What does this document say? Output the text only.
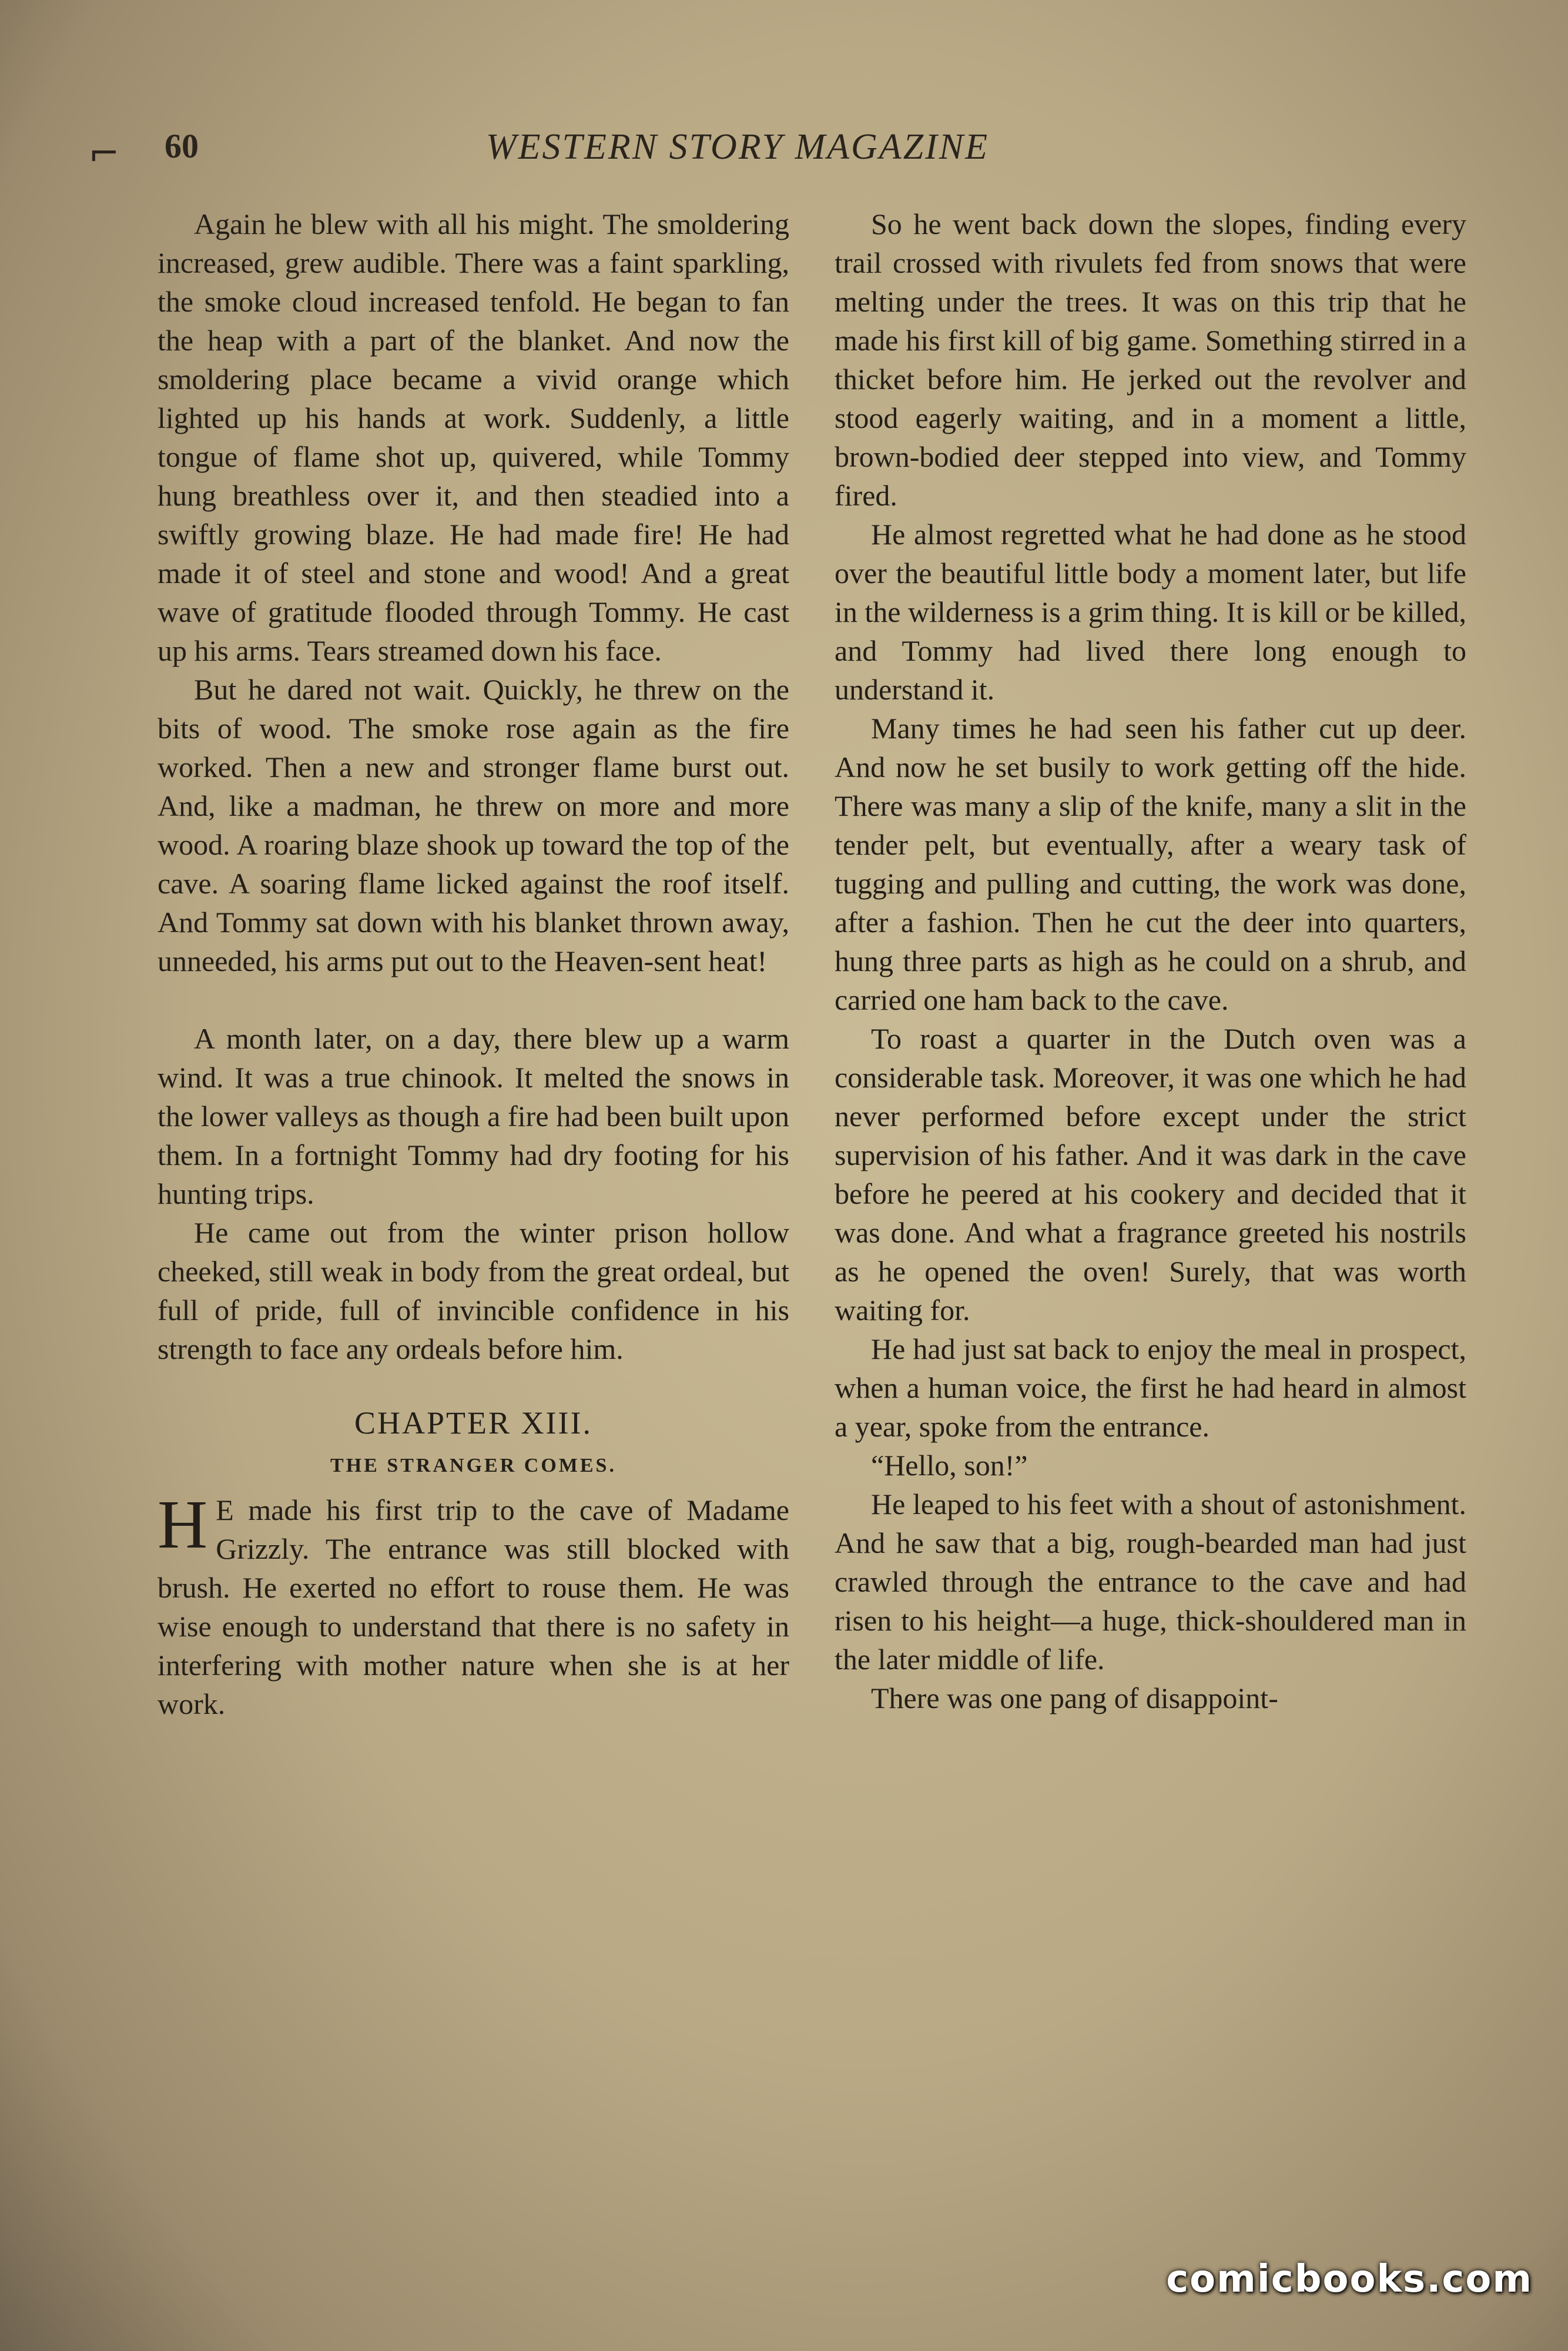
⌐ 60	WESTERN STORY MAGAZINE

Again he blew with all his might. The smoldering increased, grew audible. There was a faint sparkling, the smoke cloud increased tenfold. He began to fan the heap with a part of the blanket. And now the smoldering place became a vivid orange which lighted up his hands at work. Suddenly, a little tongue of flame shot up, quivered, while Tommy hung breathless over it, and then steadied into a swiftly growing blaze. He had made fire! He had made it of steel and stone and wood! And a great wave of gratitude flooded through Tommy. He cast up his arms. Tears streamed down his face.

But he dared not wait. Quickly, he threw on the bits of wood. The smoke rose again as the fire worked. Then a new and stronger flame burst out. And, like a madman, he threw on more and more wood. A roaring blaze shook up toward the top of the cave. A soaring flame licked against the roof itself. And Tommy sat down with his blanket thrown away, unneeded, his arms put out to the Heaven-sent heat!

A month later, on a day, there blew up a warm wind. It was a true chinook. It melted the snows in the lower valleys as though a fire had been built upon them. In a fortnight Tommy had dry footing for his hunting trips.

He came out from the winter prison hollow cheeked, still weak in body from the great ordeal, but full of pride, full of invincible confidence in his strength to face any ordeals before him.

CHAPTER XIII.
THE STRANGER COMES.

H E made his first trip to the cave of Madame Grizzly. The entrance was still blocked with brush. He exerted no effort to rouse them. He was wise enough to understand that there is no safety in interfering with mother nature when she is at her work.

So he went back down the slopes, finding every trail crossed with rivulets fed from snows that were melting under the trees. It was on this trip that he made his first kill of big game. Something stirred in a thicket before him. He jerked out the revolver and stood eagerly waiting, and in a moment a little, brown-bodied deer stepped into view, and Tommy fired.

He almost regretted what he had done as he stood over the beautiful little body a moment later, but life in the wilderness is a grim thing. It is kill or be killed, and Tommy had lived there long enough to understand it.

Many times he had seen his father cut up deer. And now he set busily to work getting off the hide. There was many a slip of the knife, many a slit in the tender pelt, but eventually, after a weary task of tugging and pulling and cutting, the work was done, after a fashion. Then he cut the deer into quarters, hung three parts as high as he could on a shrub, and carried one ham back to the cave.

To roast a quarter in the Dutch oven was a considerable task. Moreover, it was one which he had never performed before except under the strict supervision of his father. And it was dark in the cave before he peered at his cookery and decided that it was done. And what a fragrance greeted his nostrils as he opened the oven! Surely, that was worth waiting for.

He had just sat back to enjoy the meal in prospect, when a human voice, the first he had heard in almost a year, spoke from the entrance.

“Hello, son!”

He leaped to his feet with a shout of astonishment. And he saw that a big, rough-bearded man had just crawled through the entrance to the cave and had risen to his height—a huge, thick-shouldered man in the later middle of life.

There was one pang of disappoint-

comicbooks.com
